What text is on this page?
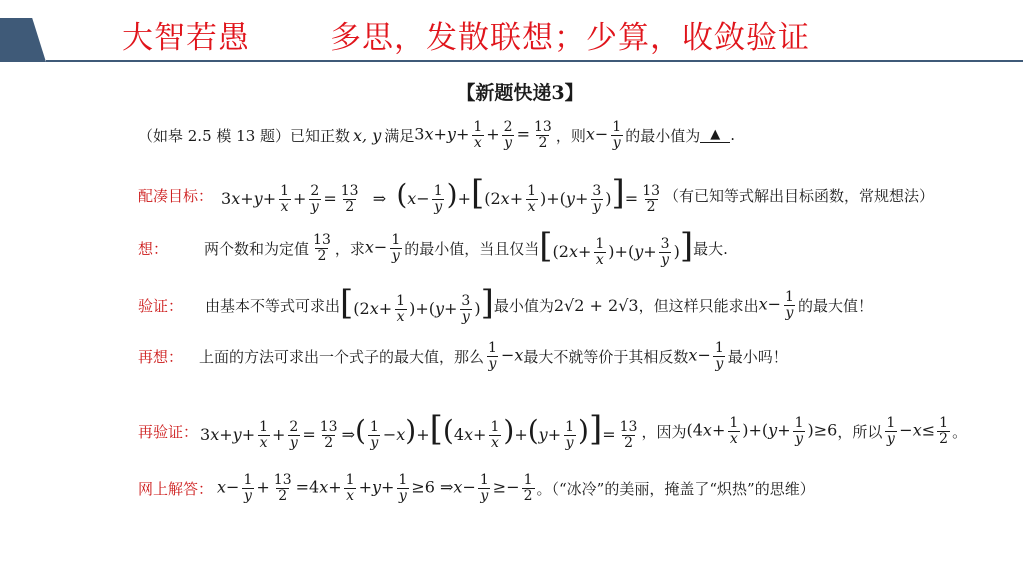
大智若愚	多思，发散联想；少算，收敛验证
【新题快递3】
（如皋 2.5 模 13 题）已知正数 x, y 满足 $3x+y+ \frac{1}{x} + \frac{2}{y} = \frac{13}{2}$ ，则 $x- \frac{1}{y}$ 的最小值为 ▲ .
配凑目标： $3x+y+ \frac{1}{x} + \frac{2}{y} = \frac{13}{2}$ ⇒  $(x- \frac{1}{y} )+[(2x+ \frac{1}{x} )+(y+ \frac{3}{y}$ )]= $\frac{13}{2}$ （有已知等式解出目标函数，常规想法）
想： 两个数和为定值 $\frac{13}{2}$ ，求 $x- \frac{1}{y}$ 的最小值，当且仅当 [$(2x+ \frac{1}{x} )+(y+ \frac{3}{y}$ )] 最大.
验证： 由基本不等式可求出 [$(2x+ \frac{1}{x} )+(y+ \frac{3}{y}$ )] 最小值为 2√2 + 2√3 ，但这样只能求出 $x- \frac{1}{y}$ 的最大值！
再想： 上面的方法可求出一个式子的最大值，那么 $\frac{1}{y} -x$ 最大不就等价于其相反数 $x- \frac{1}{y}$ 最小吗！
再验证： $3x+y+ \frac{1}{x} + \frac{2}{y} = \frac{13}{2}$ ⇒( $\frac{1}{y} -x)+[(4x+ \frac{1}{x} )+(y+ \frac{1}{y}$ )]= $\frac{13}{2}$ ，因为 $(4x+ \frac{1}{x} )+(y+ \frac{1}{y} )\ge 6$ ，所以 $\frac{1}{y} -x\le \frac{1}{2}$ 。
网上解答： $x- \frac{1}{y} + \frac{13}{2} =4x+ \frac{1}{x} +y+ \frac{1}{y} \ge 6$ ⇒x− $\frac{1}{y} \ge- \frac{1}{2}$ 。（“冰冷”的美丽，掩盖了“炽热”的思维）
